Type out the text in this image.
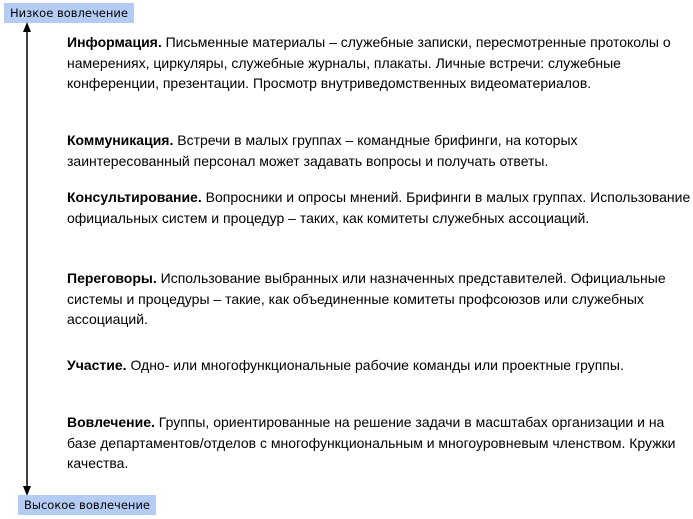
Низкое вовлечение

Информация. Письменные материалы – служебные записки, пересмотренные протоколы о намерениях, циркуляры, служебные журналы, плакаты. Личные встречи: служебные конференции, презентации. Просмотр внутриведомственных видеоматериалов.

Коммуникация. Встречи в малых группах – командные брифинги, на которых заинтересованный персонал может задавать вопросы и получать ответы.

Консультирование. Вопросники и опросы мнений. Брифинги в малых группах. Использование официальных систем и процедур – таких, как комитеты служебных ассоциаций.

Переговоры. Использование выбранных или назначенных представителей. Официальные системы и процедуры – такие, как объединенные комитеты профсоюзов или служебных ассоциаций.

Участие. Одно- или многофункциональные рабочие команды или проектные группы.

Вовлечение. Группы, ориентированные на решение задачи в масштабах организации и на базе департаментов/отделов с многофункциональным и многоуровневым членством. Кружки качества.

Высокое вовлечение
